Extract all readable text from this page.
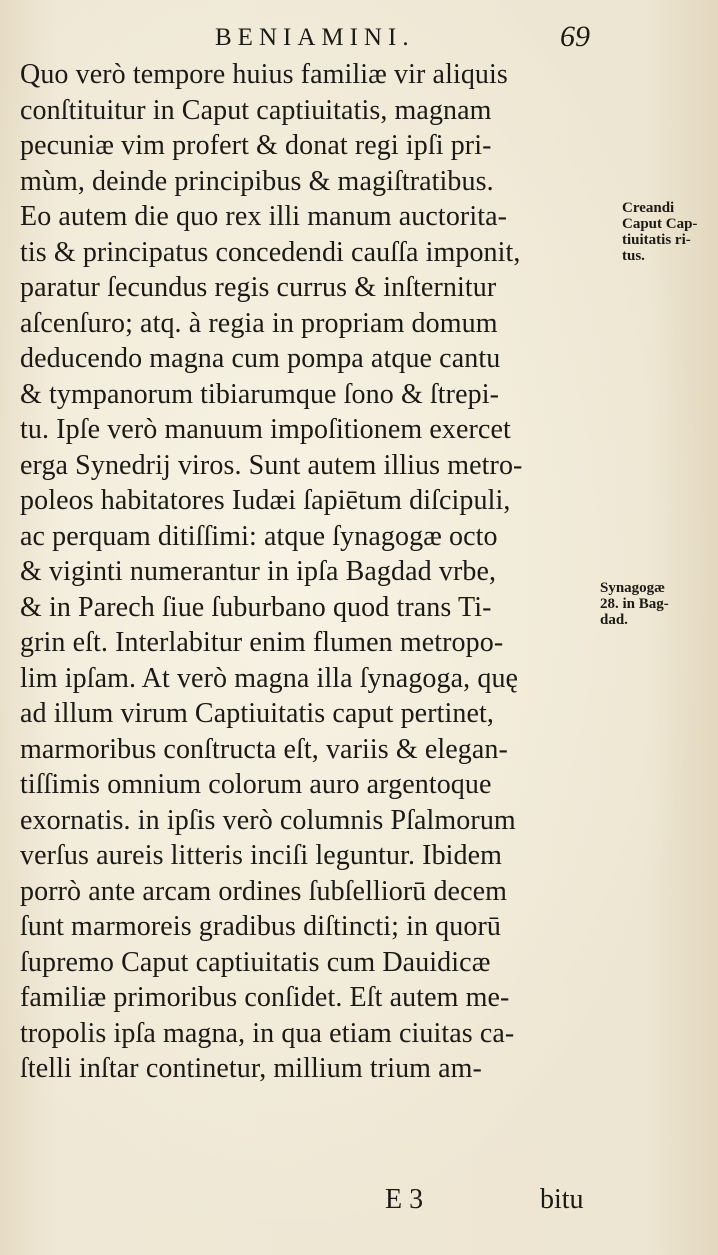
BENIAMINI.	69
Quo verò tempore huius familiæ vir aliquis
conſtituitur in Caput captiuitatis, magnam
pecuniæ vim profert & donat regi ipſi pri-
mùm, deinde principibus & magiſtratibus.
Eo autem die quo rex illi manum auctorita-
tis & principatus concedendi cauſſa imponit,
paratur ſecundus regis currus & inſternitur
aſcenſuro; atq. à regia in propriam domum
deducendo magna cum pompa atque cantu
& tympanorum tibiarumque ſono & ſtrepi-
tu. Ipſe verò manuum impoſitionem exercet
erga Synedrij viros. Sunt autem illius metro-
poleos habitatores Iudæi ſapiētum diſcipuli,
ac perquam ditiſſimi: atque ſynagogæ octo
& viginti numerantur in ipſa Bagdad vrbe,
& in Parech ſiue ſuburbano quod trans Ti-
grin eſt. Interlabitur enim flumen metropo-
lim ipſam. At verò magna illa ſynagoga, quę
ad illum virum Captiuitatis caput pertinet,
marmoribus conſtructa eſt, variis & elegan-
tiſſimis omnium colorum auro argentoque
exornatis. in ipſis verò columnis Pſalmorum
verſus aureis litteris inciſi leguntur. Ibidem
porrò ante arcam ordines ſubſelliorū decem
ſunt marmoreis gradibus diſtincti; in quorū
ſupremo Caput captiuitatis cum Dauidicæ
familiæ primoribus conſidet. Eſt autem me-
tropolis ipſa magna, in qua etiam ciuitas ca-
ſtelli inſtar continetur, millium trium am-
Creandi
Caput Cap-
tiuitatis ri-
tus.
Synagogæ
28. in Bag-
dad.
E 3	bitu
